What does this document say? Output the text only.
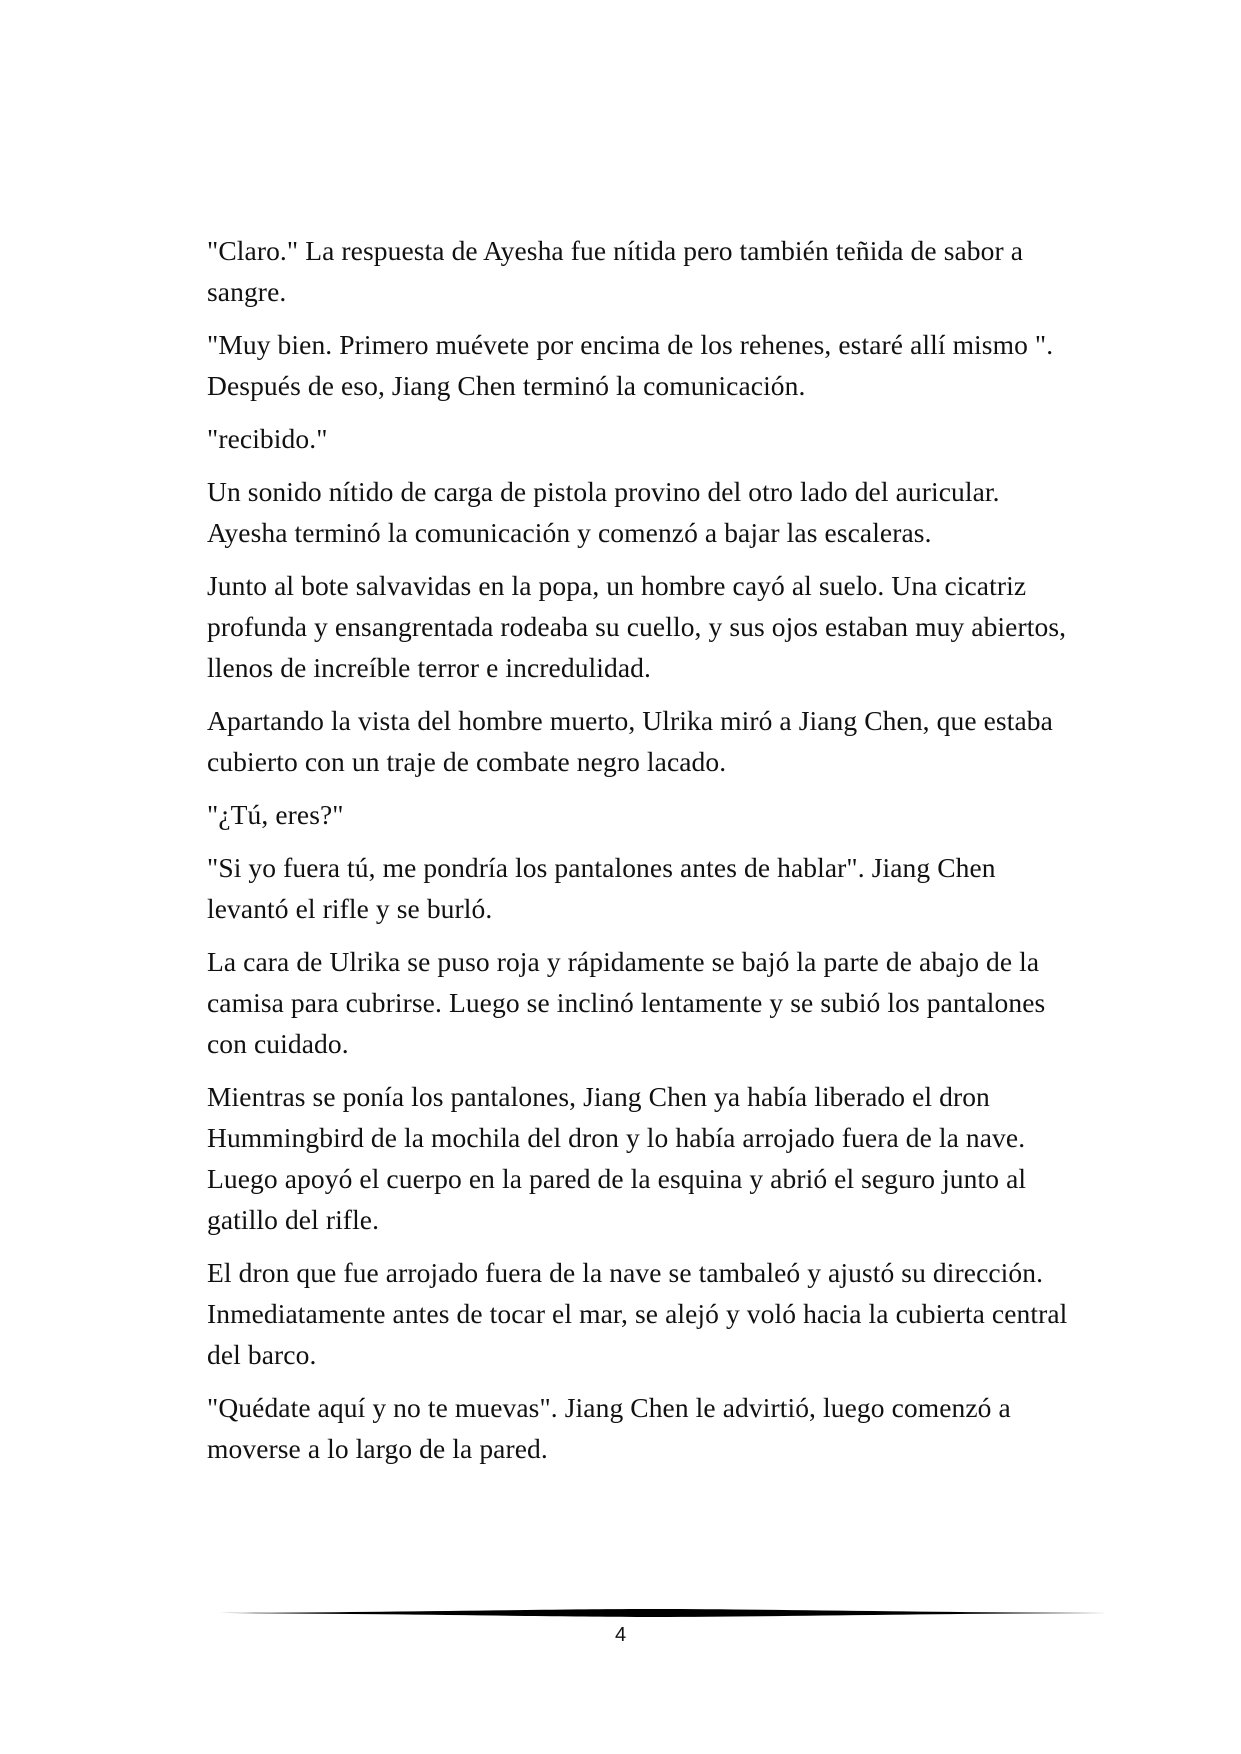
"Claro." La respuesta de Ayesha fue nítida pero también teñida de sabor a sangre.

"Muy bien. Primero muévete por encima de los rehenes, estaré allí mismo ". Después de eso, Jiang Chen terminó la comunicación.

"recibido."

Un sonido nítido de carga de pistola provino del otro lado del auricular. Ayesha terminó la comunicación y comenzó a bajar las escaleras.

Junto al bote salvavidas en la popa, un hombre cayó al suelo. Una cicatriz profunda y ensangrentada rodeaba su cuello, y sus ojos estaban muy abiertos, llenos de increíble terror e incredulidad.

Apartando la vista del hombre muerto, Ulrika miró a Jiang Chen, que estaba cubierto con un traje de combate negro lacado.

"¿Tú, eres?"

"Si yo fuera tú, me pondría los pantalones antes de hablar". Jiang Chen levantó el rifle y se burló.

La cara de Ulrika se puso roja y rápidamente se bajó la parte de abajo de la camisa para cubrirse. Luego se inclinó lentamente y se subió los pantalones con cuidado.

Mientras se ponía los pantalones, Jiang Chen ya había liberado el dron Hummingbird de la mochila del dron y lo había arrojado fuera de la nave. Luego apoyó el cuerpo en la pared de la esquina y abrió el seguro junto al gatillo del rifle.

El dron que fue arrojado fuera de la nave se tambaleó y ajustó su dirección. Inmediatamente antes de tocar el mar, se alejó y voló hacia la cubierta central del barco.

"Quédate aquí y no te muevas". Jiang Chen le advirtió, luego comenzó a moverse a lo largo de la pared.

4
